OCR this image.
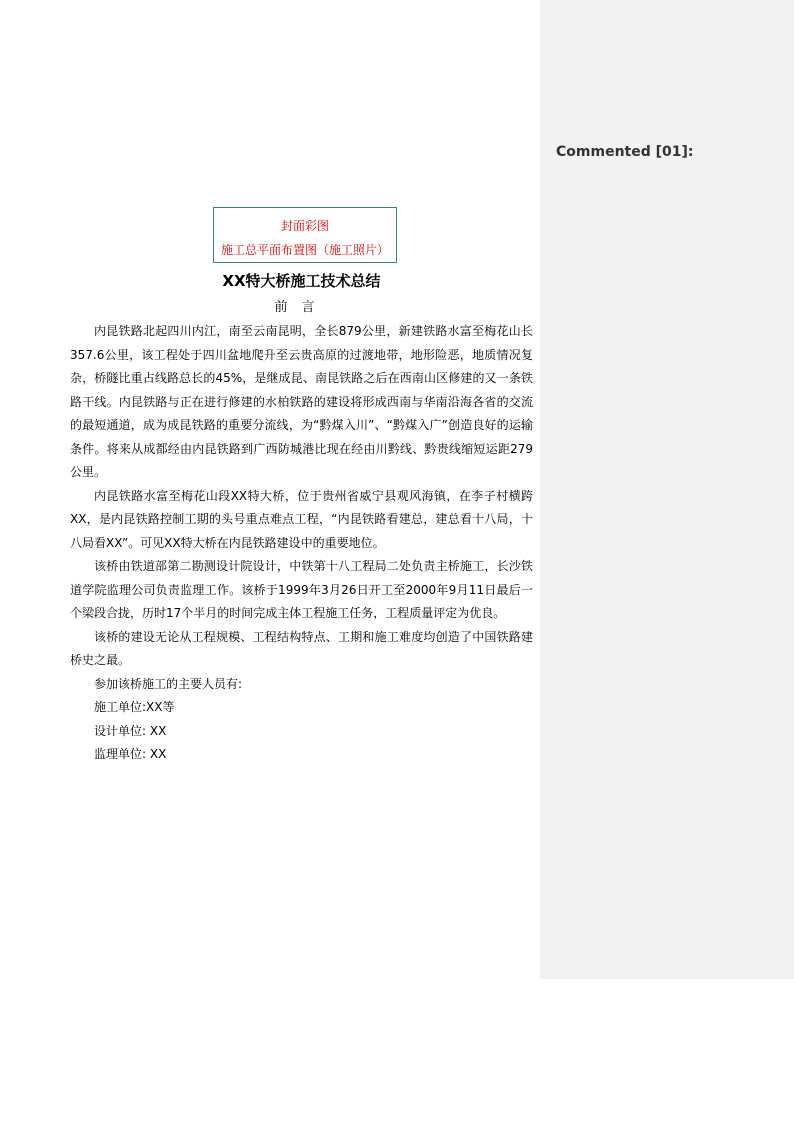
Commented [01]:
封面彩图
施工总平面布置图（施工照片）
XX特大桥施工技术总结
前言

内昆铁路北起四川内江，南至云南昆明，全长879公里，新建铁路水富至梅花山长357.6公里，该工程处于四川盆地爬升至云贵高原的过渡地带，地形险恶，地质情况复杂，桥隧比重占线路总长的45%，是继成昆、南昆铁路之后在西南山区修建的又一条铁路干线。内昆铁路与正在进行修建的水柏铁路的建设将形成西南与华南沿海各省的交流的最短通道，成为成昆铁路的重要分流线，为“黔煤入川”、“黔煤入广”创造良好的运输条件。将来从成都经由内昆铁路到广西防城港比现在经由川黔线、黔贵线缩短运距279公里。

内昆铁路水富至梅花山段XX特大桥，位于贵州省威宁县观风海镇，在李子村横跨XX，是内昆铁路控制工期的头号重点难点工程，“内昆铁路看建总，建总看十八局，十八局看XX”。可见XX特大桥在内昆铁路建设中的重要地位。

该桥由铁道部第二勘测设计院设计，中铁第十八工程局二处负责主桥施工，长沙铁道学院监理公司负责监理工作。该桥于1999年3月26日开工至2000年9月11日最后一个梁段合拢，历时17个半月的时间完成主体工程施工任务，工程质量评定为优良。

该桥的建设无论从工程规模、工程结构特点、工期和施工难度均创造了中国铁路建桥史之最。

参加该桥施工的主要人员有:

施工单位:XX等

设计单位: XX

监理单位: XX
